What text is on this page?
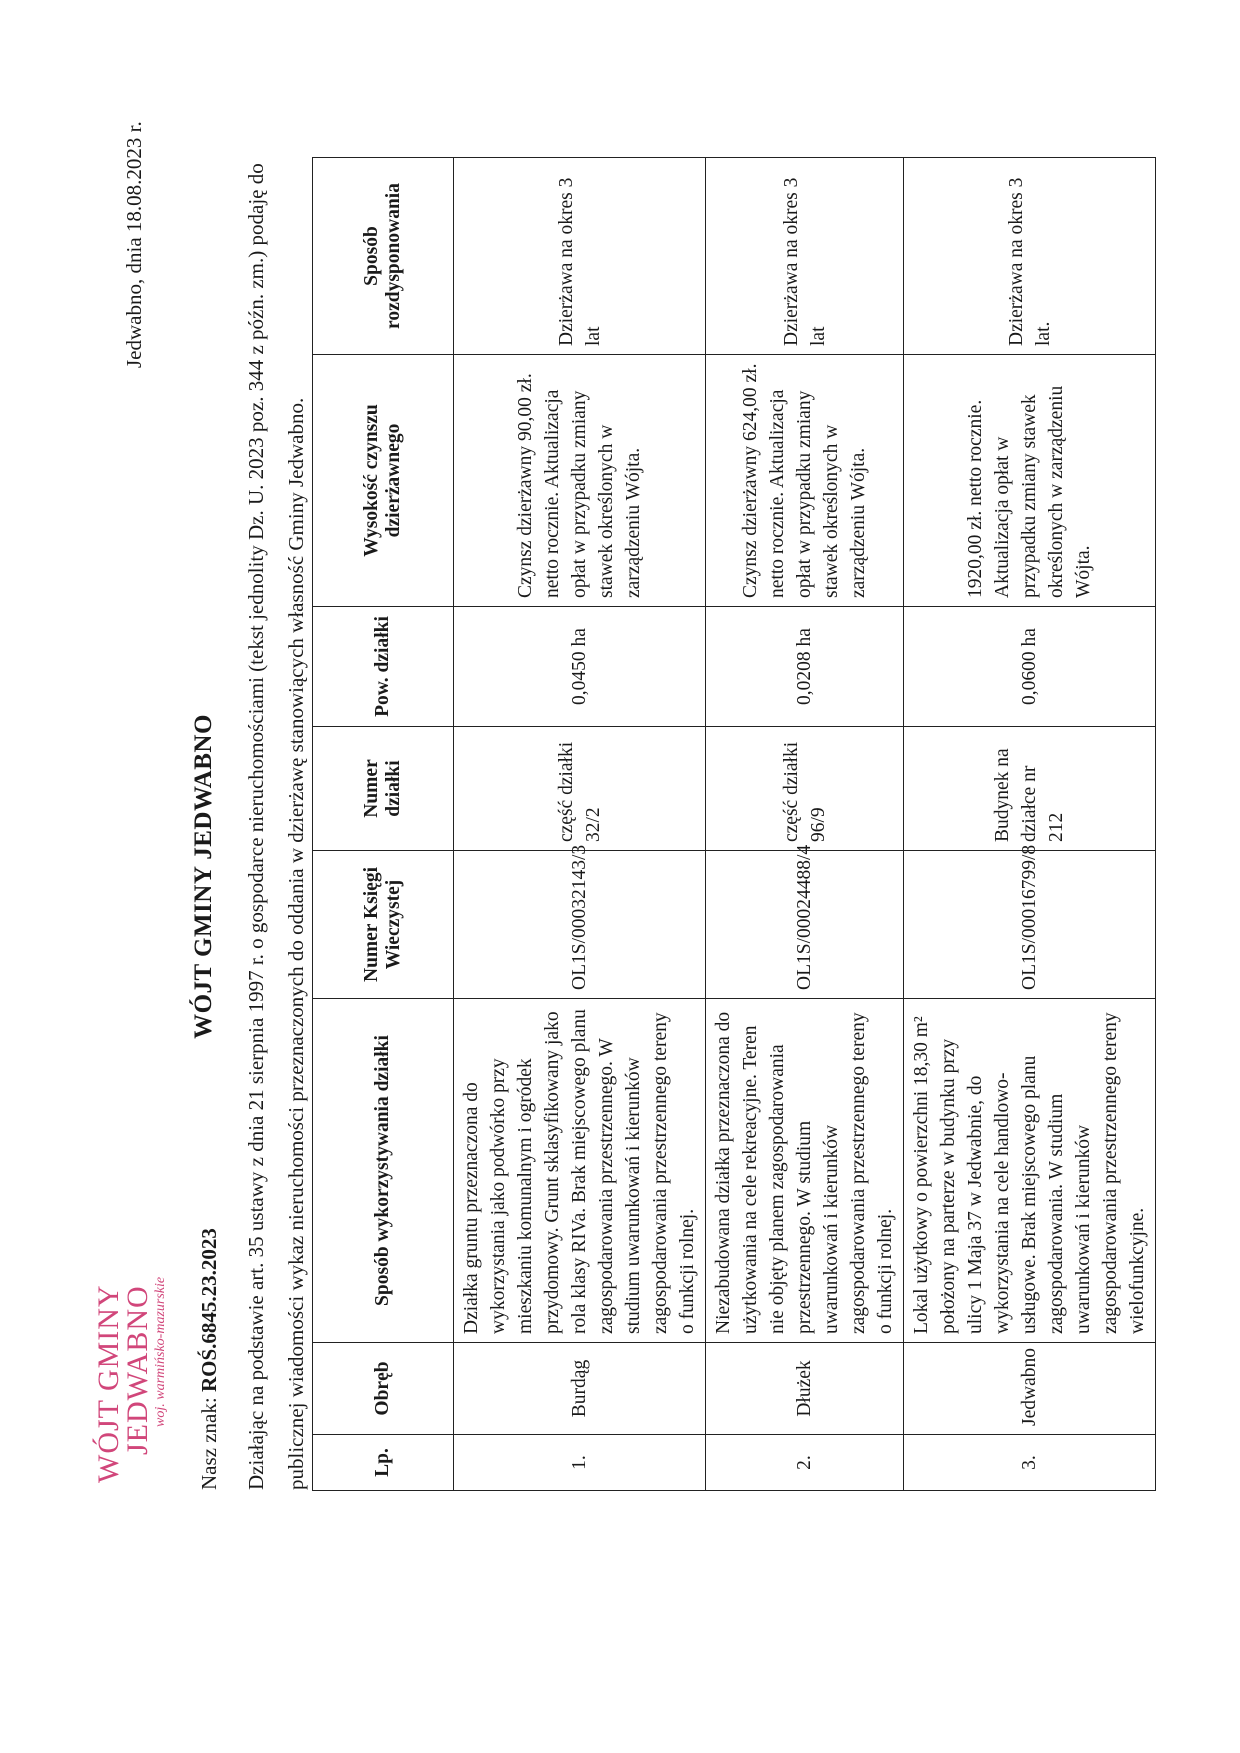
WÓJT GMINY
JEDWABNO woj. warmińsko-mazurskie
Jedwabno, dnia 18.08.2023 r.
WÓJT GMINY JEDWABNO
Nasz znak: ROŚ.6845.23.2023	Działając na podstawie art. 35 ustawy z dnia 21 sierpnia 1997 r. o gospodarce nieruchomościami (tekst jednolity Dz. U. 2023 poz. 344 z późn. zm.) podaję do publicznej wiadomości wykaz nieruchomości przeznaczonych do oddania w dzierżawę stanowiących własność Gminy Jedwabno.	Lp.	Obręb	Sposób wykorzystywania działki	Numer Księgi Wieczystej	Numer działki	Pow. działki	Wysokość czynszu dzierżawnego	Sposób rozdysponowania
1.	Burdąg	Działka gruntu przeznaczona do wykorzystania jako podwórko przy mieszkaniu komunalnym i ogródek przydomowy. Grunt sklasyfikowany jako rola klasy RIVa. Brak miejscowego planu zagospodarowania przestrzennego. W studium uwarunkowań i kierunków zagospodarowania przestrzennego tereny o funkcji rolnej.	OL1S/00032143/3	część działki 32/2	0,0450 ha	Czynsz dzierżawny 90,00 zł. netto rocznie. Aktualizacja opłat w przypadku zmiany stawek określonych w zarządzeniu Wójta.	Dzierżawa na okres 3 lat
2.	Dłużek	Niezabudowana działka przeznaczona do użytkowania na cele rekreacyjne. Teren nie objęty planem zagospodarowania przestrzennego. W studium uwarunkowań i kierunków zagospodarowania przestrzennego tereny o funkcji rolnej.	OL1S/00024488/4	część działki 96/9	0,0208 ha	Czynsz dzierżawny 624,00 zł. netto rocznie. Aktualizacja opłat w przypadku zmiany stawek określonych w zarządzeniu Wójta.	Dzierżawa na okres 3 lat
3.	Jedwabno	Lokal użytkowy o powierzchni 18,30 m² położony na parterze w budynku przy ulicy 1 Maja 37 w Jedwabnie, do wykorzystania na cele handlowo-usługowe. Brak miejscowego planu zagospodarowania. W studium uwarunkowań i kierunków zagospodarowania przestrzennego tereny wielofunkcyjne.	OL1S/00016799/8	Budynek na działce nr 212	0,0600 ha	1920,00 zł. netto rocznie. Aktualizacja opłat w przypadku zmiany stawek określonych w zarządzeniu Wójta.	Dzierżawa na okres 3 lat.
